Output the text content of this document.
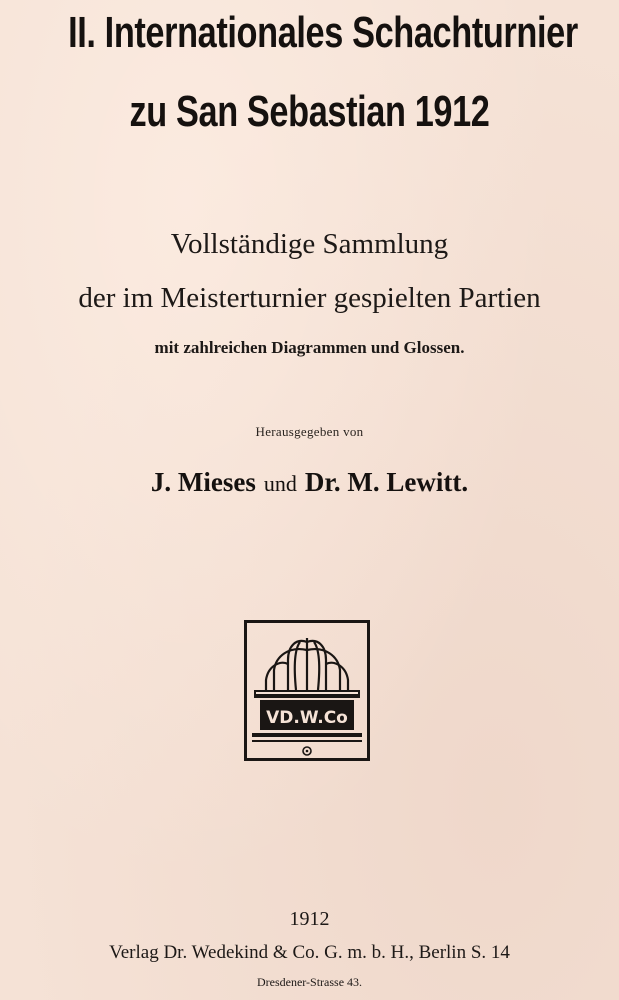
II. Internationales Schachturnier
zu San Sebastian 1912
Vollständige Sammlung
der im Meisterturnier gespielten Partien
mit zahlreichen Diagrammen und Glossen.
Herausgegeben von
J. Mieses und Dr. M. Lewitt.
VD.W.Co
1912
Verlag Dr. Wedekind & Co. G. m. b. H., Berlin S. 14
Dresdener-Strasse 43.
